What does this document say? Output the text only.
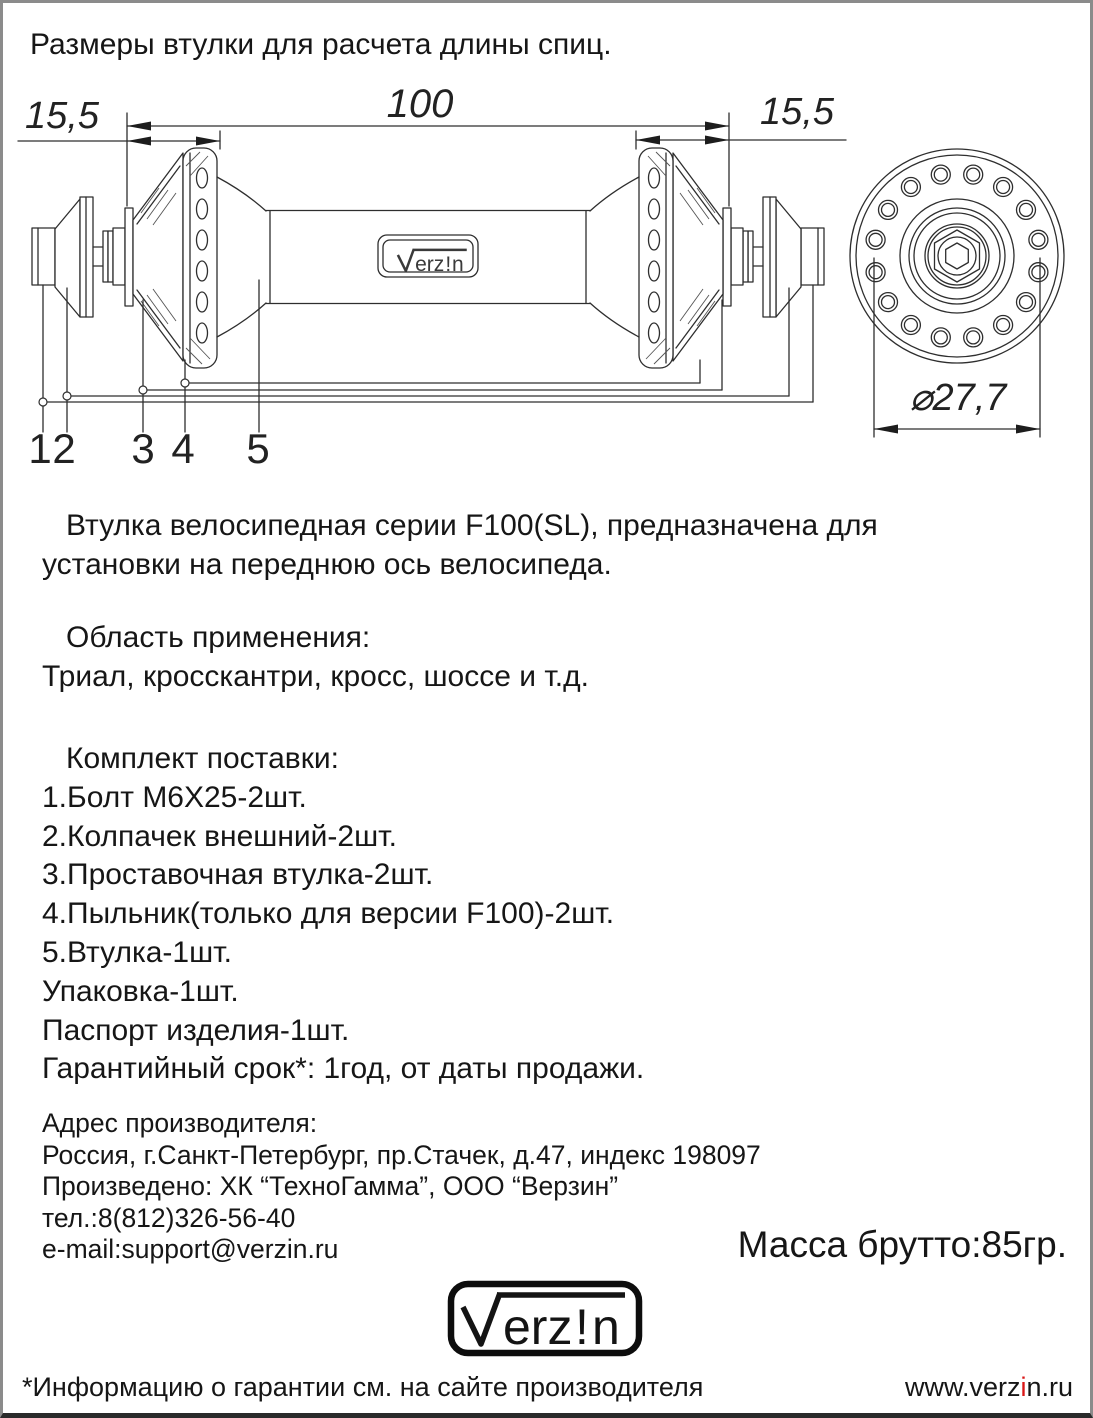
Размеры втулки для расчета длины спиц.
erz ! n
100
15,5	15,5
1 2 3 4 5
⌀27,7
Втулка велосипедная серии F100(SL), предназначена для
установки на переднюю ось велосипеда.
Область применения:
Триал, кросскантри, кросс, шоссе и т.д.
Комплект поставки:
1.Болт М6Х25-2шт.
2.Колпачек внешний-2шт.
3.Проставочная втулка-2шт.
4.Пыльник(только для версии F100)-2шт.
5.Втулка-1шт.
Упаковка-1шт.
Паспорт изделия-1шт.
Гарантийный срок*: 1год, от даты продажи.
Адрес производителя:
Россия, г.Санкт-Петербург, пр.Стачек, д.47, индекс 198097
Произведено: ХК “ТехноГамма”, ООО “Верзин”
тел.:8(812)326-56-40
e-mail:support@verzin.ru	Масса брутто:85гр.
erz ! n
*Информацию о гарантии см. на сайте производителя	www.verzin.ru
